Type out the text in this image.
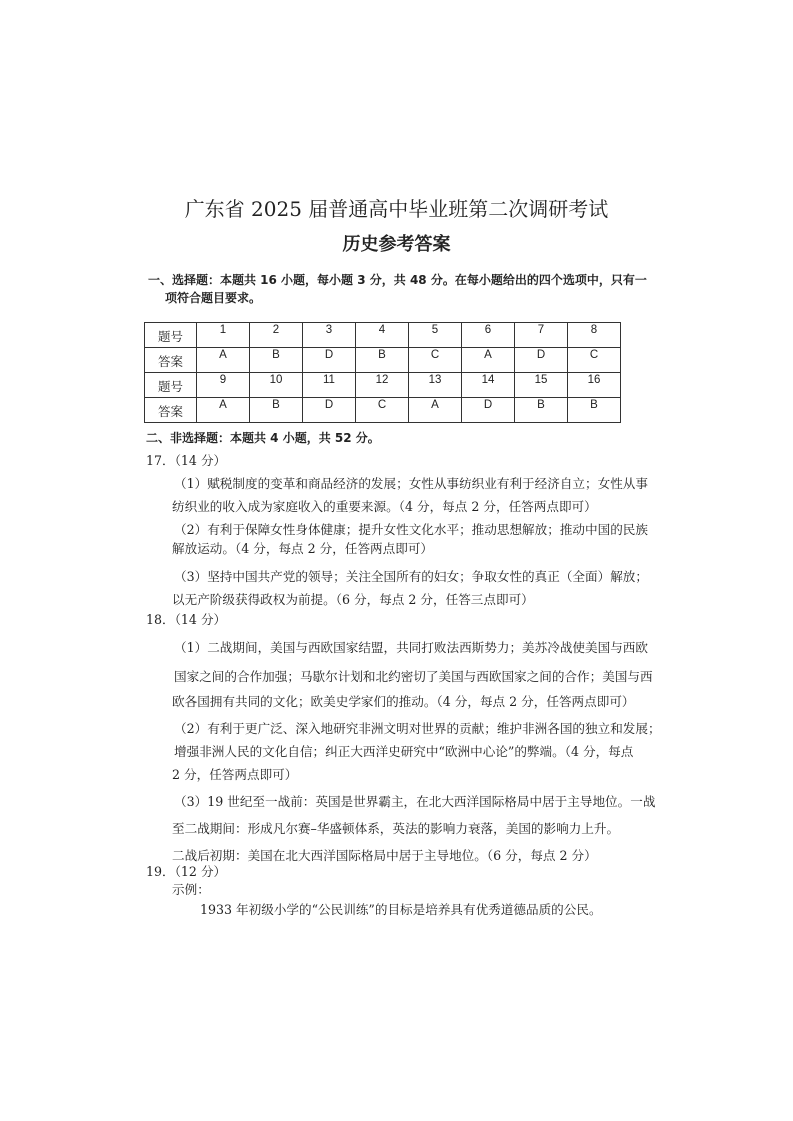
广东省 2025 届普通高中毕业班第二次调研考试
历史参考答案
一、选择题：本题共 16 小题，每小题 3 分，共 48 分。在每小题给出的四个选项中，只有一
项符合题目要求。
题号	1	2	3	4	5	6	7	8
答案	A	B	D	B	C	A	D	C
题号	9	10	11	12	13	14	15	16
答案	A	B	D	C	A	D	B	B
二、非选择题：本题共 4 小题，共 52 分。
17．（14 分）
（1）赋税制度的变革和商品经济的发展；女性从事纺织业有利于经济自立；女性从事
纺织业的收入成为家庭收入的重要来源。（4 分，每点 2 分，任答两点即可）
（2）有利于保障女性身体健康；提升女性文化水平；推动思想解放；推动中国的民族
解放运动。（4 分，每点 2 分，任答两点即可）
（3）坚持中国共产党的领导；关注全国所有的妇女；争取女性的真正（全面）解放；
以无产阶级获得政权为前提。（6 分，每点 2 分，任答三点即可）
18．（14 分）
（1）二战期间，美国与西欧国家结盟，共同打败法西斯势力；美苏冷战使美国与西欧
国家之间的合作加强；马歇尔计划和北约密切了美国与西欧国家之间的合作；美国与西
欧各国拥有共同的文化；欧美史学家们的推动。（4 分，每点 2 分，任答两点即可）
（2）有利于更广泛、深入地研究非洲文明对世界的贡献；维护非洲各国的独立和发展；
增强非洲人民的文化自信；纠正大西洋史研究中“欧洲中心论”的弊端。（4 分，每点
2 分，任答两点即可）
（3）19 世纪至一战前：英国是世界霸主，在北大西洋国际格局中居于主导地位。一战
至二战期间：形成凡尔赛–华盛顿体系，英法的影响力衰落，美国的影响力上升。
二战后初期：美国在北大西洋国际格局中居于主导地位。（6 分，每点 2 分）
19．（12 分）
示例：
1933 年初级小学的“公民训练”的目标是培养具有优秀道德品质的公民。
